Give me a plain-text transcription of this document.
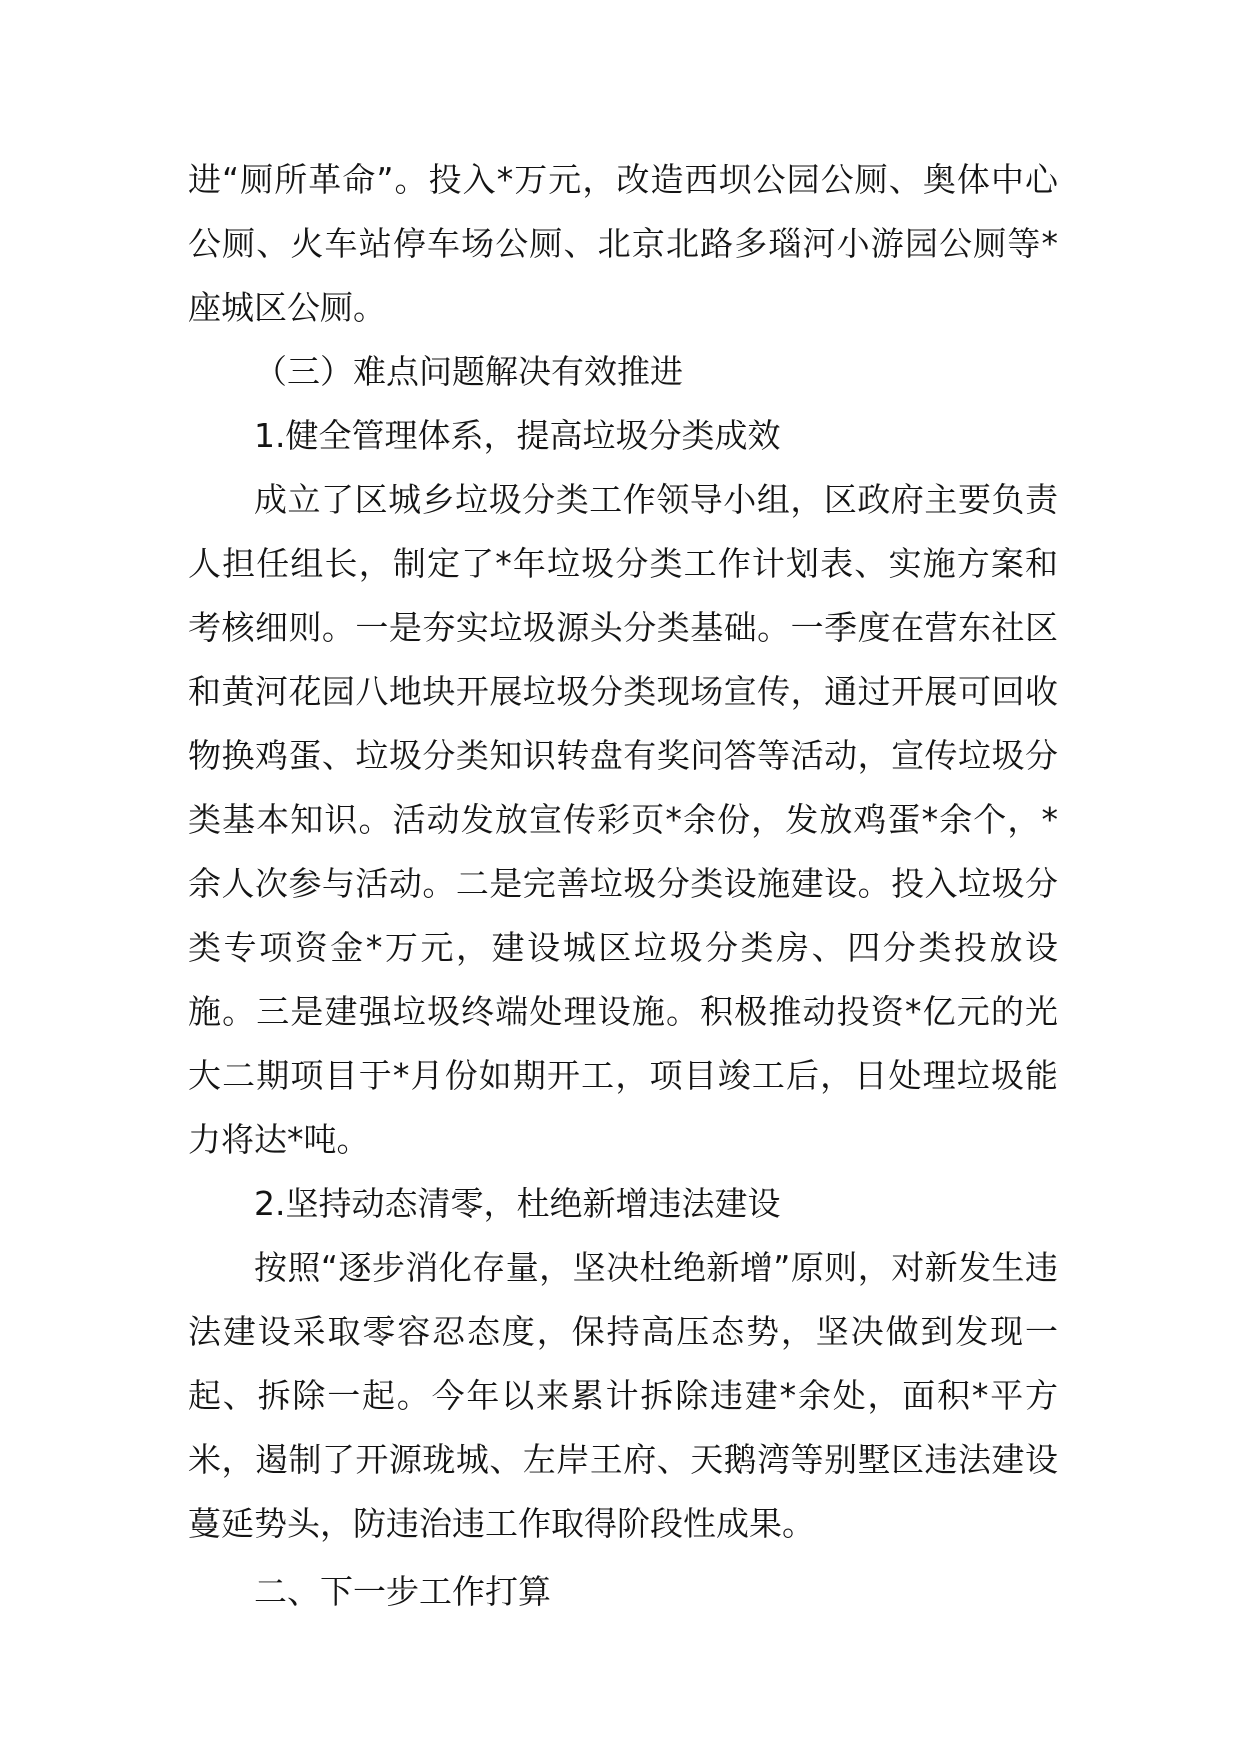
进“厕所革命”。投入*万元，改造西坝公园公厕、奥体中心公厕、火车站停车场公厕、北京北路多瑙河小游园公厕等*座城区公厕。

（三）难点问题解决有效推进

1.健全管理体系，提高垃圾分类成效

成立了区城乡垃圾分类工作领导小组，区政府主要负责人担任组长，制定了*年垃圾分类工作计划表、实施方案和考核细则。一是夯实垃圾源头分类基础。一季度在营东社区和黄河花园八地块开展垃圾分类现场宣传，通过开展可回收物换鸡蛋、垃圾分类知识转盘有奖问答等活动，宣传垃圾分类基本知识。活动发放宣传彩页*余份，发放鸡蛋*余个，*余人次参与活动。二是完善垃圾分类设施建设。投入垃圾分类专项资金*万元，建设城区垃圾分类房、四分类投放设施。三是建强垃圾终端处理设施。积极推动投资*亿元的光大二期项目于*月份如期开工，项目竣工后，日处理垃圾能力将达*吨。

2.坚持动态清零，杜绝新增违法建设

按照“逐步消化存量，坚决杜绝新增”原则，对新发生违法建设采取零容忍态度，保持高压态势，坚决做到发现一起、拆除一起。今年以来累计拆除违建*余处，面积*平方米，遏制了开源珑城、左岸王府、天鹅湾等别墅区违法建设蔓延势头，防违治违工作取得阶段性成果。

二、下一步工作打算
